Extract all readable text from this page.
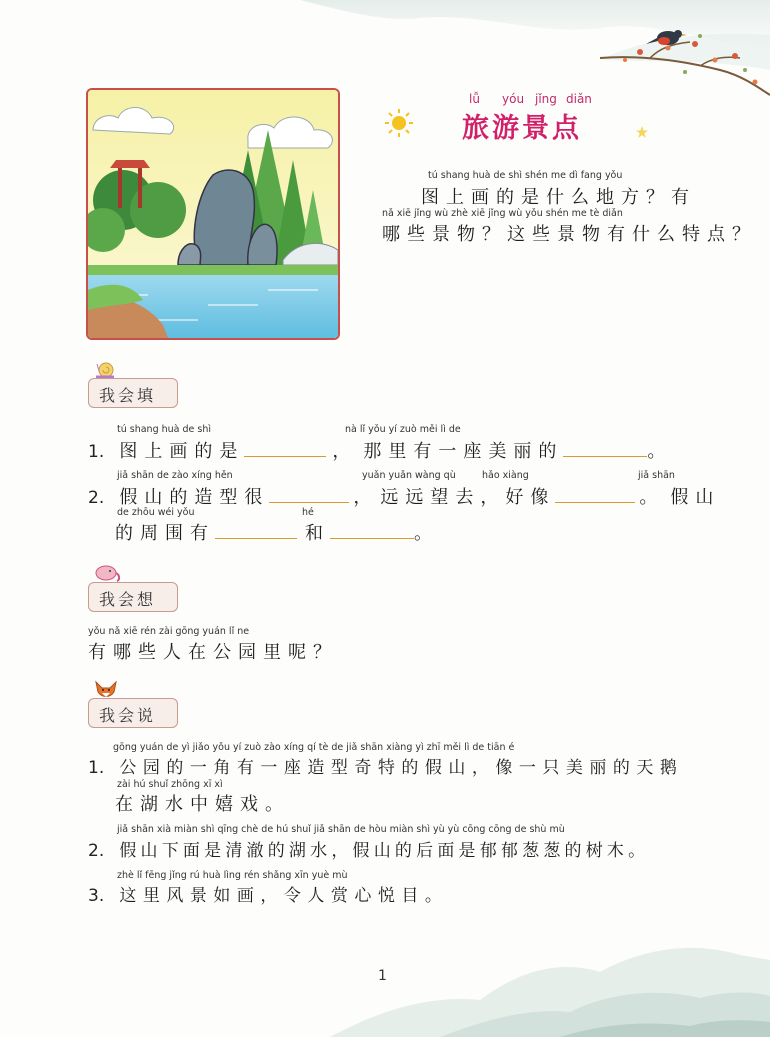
lǚ yóu jǐng diǎn
旅游景点
tú shang huà de shì shén me dì fang yǒu
图上画的是什么地方？有
nǎ xiē jǐng wù zhè xiē jǐng wù yǒu shén me tè diǎn
哪些景物？这些景物有什么特点？
我会填
tú shang huà de shì	nà lǐ yǒu yí zuò měi lì de
1. 图上画的是	， 那里有一座美丽的	。
jiǎ shān de zào xíng hěn	yuǎn yuǎn wàng qù	hǎo xiàng	jiǎ shān
2. 假山的造型很	， 远远望去，好像	。 假山
de zhōu wéi yǒu	hé
的周围有	和	。
我会想
yǒu nǎ xiē rén zài gōng yuán lǐ ne
有哪些人在公园里呢？
我会说
gōng yuán de yì jiǎo yǒu yí zuò zào xíng qí tè de jiǎ shān xiàng yì zhī měi lì de tiān é
1. 公园的一角有一座造型奇特的假山，像一只美丽的天鹅
zài hú shuǐ zhōng xī xì
在湖水中嬉戏。
jiǎ shān xià miàn shì qīng chè de hú shuǐ jiǎ shān de hòu miàn shì yù yù cōng cōng de shù mù
2. 假山下面是清澈的湖水，假山的后面是郁郁葱葱的树木。
zhè lǐ fēng jǐng rú huà lìng rén shǎng xīn yuè mù
3. 这里风景如画，令人赏心悦目。
1
